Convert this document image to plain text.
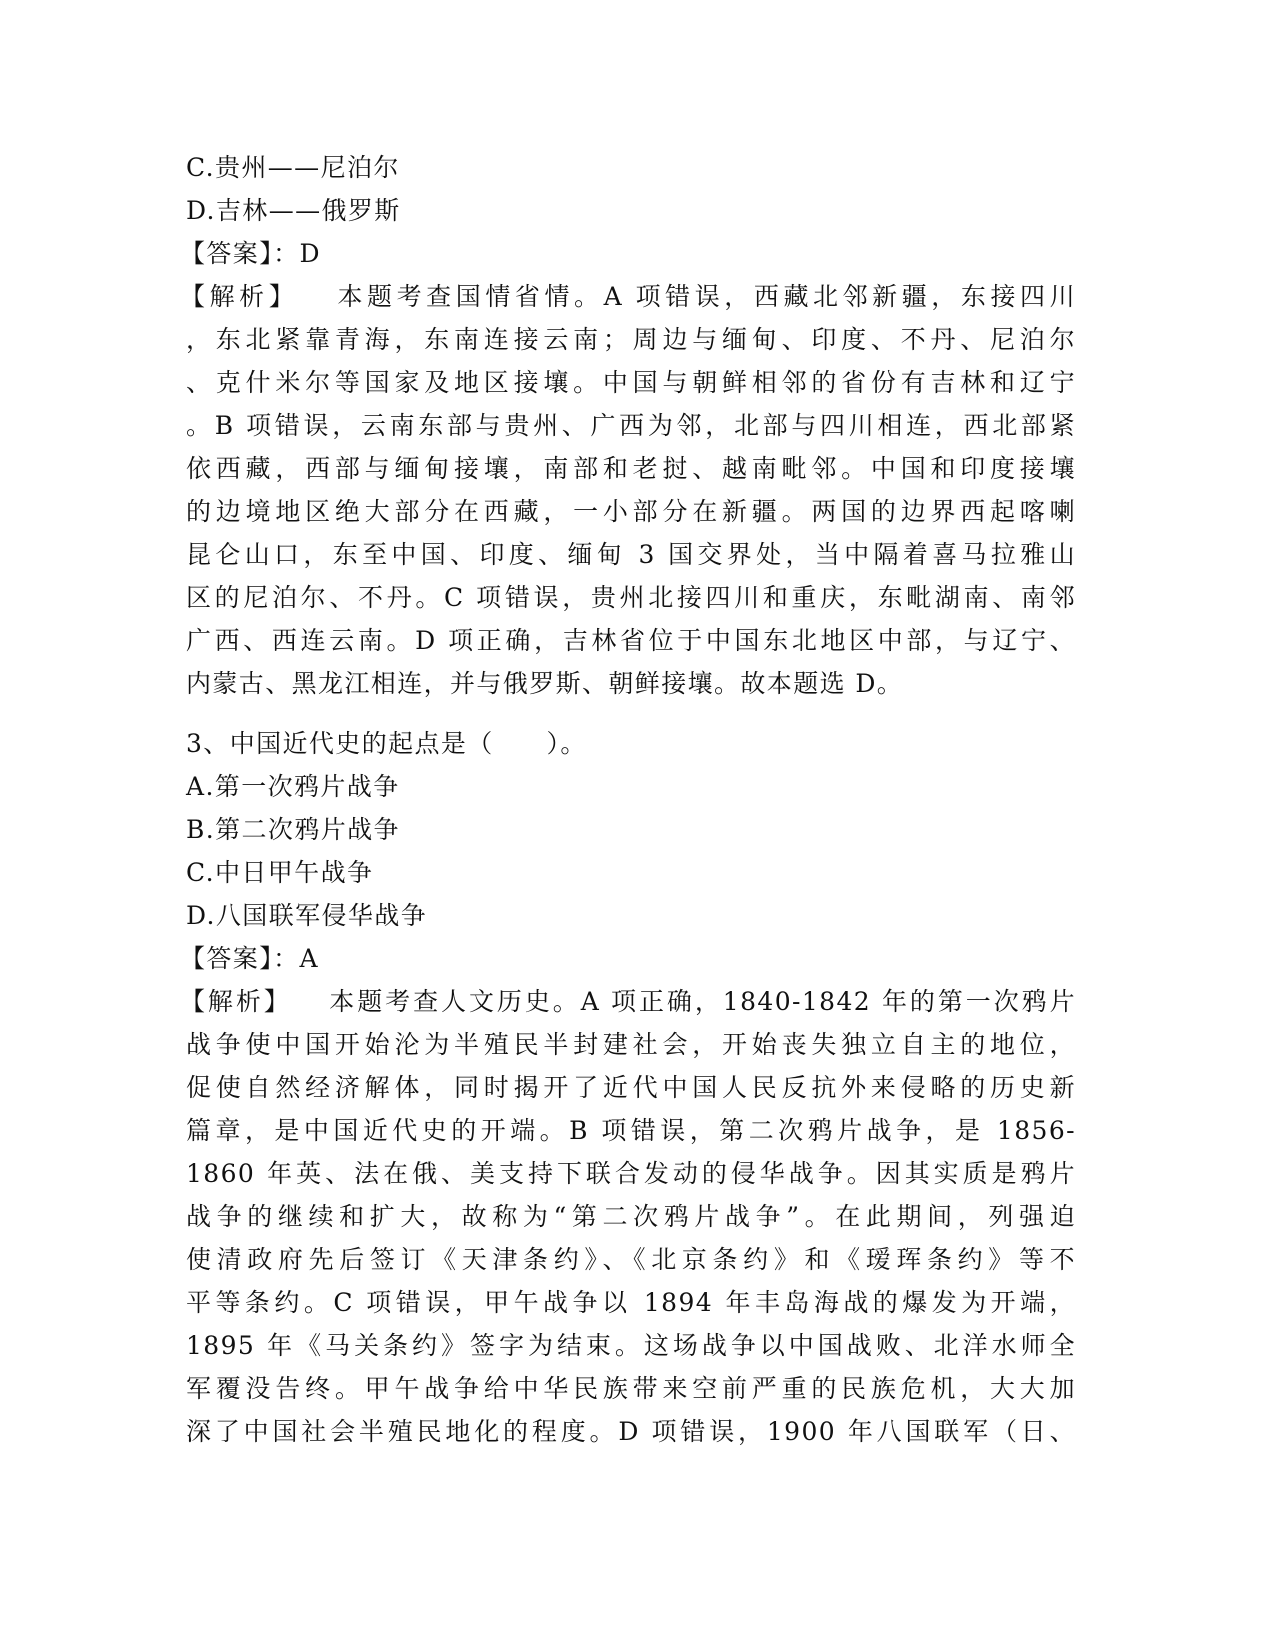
C.贵州——尼泊尔
D.吉林——俄罗斯
【答案】：D
【解析】 本题考查国情省情。A 项错误，西藏北邻新疆，东接四川
，东北紧靠青海，东南连接云南；周边与缅甸、印度、不丹、尼泊尔
、克什米尔等国家及地区接壤。中国与朝鲜相邻的省份有吉林和辽宁
。B 项错误，云南东部与贵州、广西为邻，北部与四川相连，西北部紧
依西藏，西部与缅甸接壤，南部和老挝、越南毗邻。中国和印度接壤
的边境地区绝大部分在西藏，一小部分在新疆。两国的边界西起喀喇
昆仑山口，东至中国、印度、缅甸 3 国交界处，当中隔着喜马拉雅山
区的尼泊尔、不丹。C 项错误，贵州北接四川和重庆，东毗湖南、南邻
广西、西连云南。D 项正确，吉林省位于中国东北地区中部，与辽宁、
内蒙古、黑龙江相连，并与俄罗斯、朝鲜接壤。故本题选 D。
3、中国近代史的起点是（　　）。
A.第一次鸦片战争
B.第二次鸦片战争
C.中日甲午战争
D.八国联军侵华战争
【答案】：A
【解析】 本题考查人文历史。A 项正确，1840-1842 年的第一次鸦片
战争使中国开始沦为半殖民半封建社会，开始丧失独立自主的地位，
促使自然经济解体，同时揭开了近代中国人民反抗外来侵略的历史新
篇章，是中国近代史的开端。B 项错误，第二次鸦片战争，是 1856-
1860 年英、法在俄、美支持下联合发动的侵华战争。因其实质是鸦片
战争的继续和扩大，故称为“第二次鸦片战争”。在此期间，列强迫
使清政府先后签订《天津条约》、《北京条约》和《瑷珲条约》等不
平等条约。C 项错误，甲午战争以 1894 年丰岛海战的爆发为开端，
1895 年《马关条约》签字为结束。这场战争以中国战败、北洋水师全
军覆没告终。甲午战争给中华民族带来空前严重的民族危机，大大加
深了中国社会半殖民地化的程度。D 项错误，1900 年八国联军（日、
